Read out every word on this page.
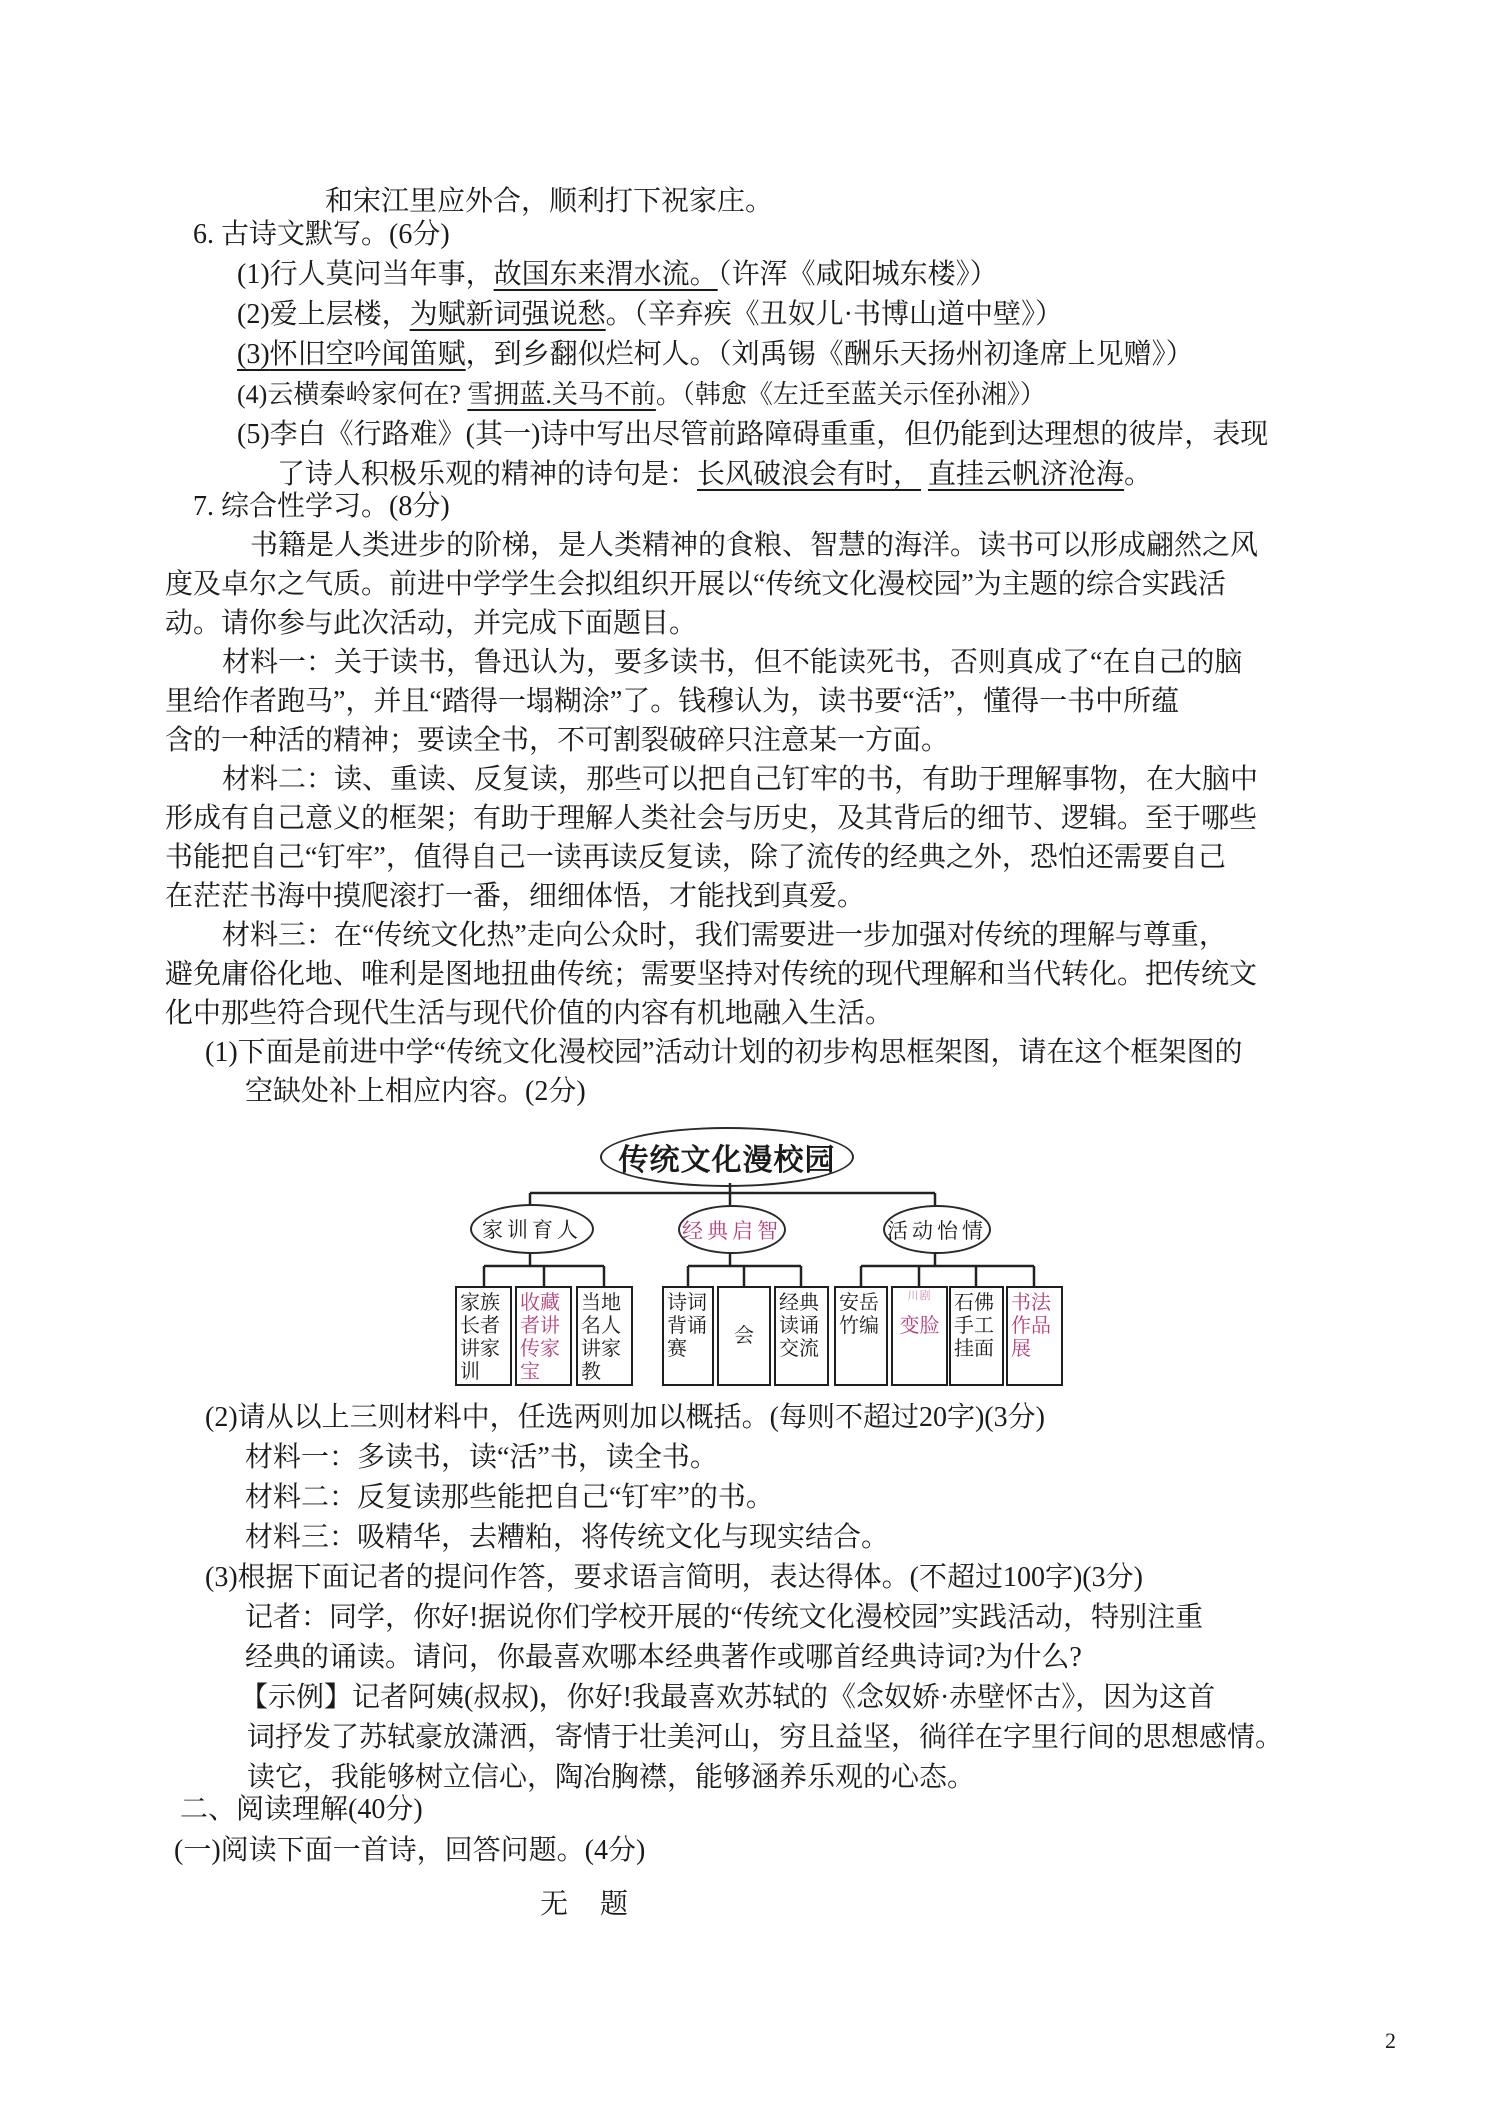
和宋江里应外合，顺利打下祝家庄。
6. 古诗文默写。(6分)
(1)行人莫问当年事，故国东来渭水流。（许浑《咸阳城东楼》）
(2)爱上层楼，为赋新词强说愁。（辛弃疾《丑奴儿·书博山道中壁》）
(3)怀旧空吟闻笛赋，到乡翻似烂柯人。（刘禹锡《酬乐天扬州初逢席上见赠》）
(4)云横秦岭家何在? 雪拥蓝.关马不前。（韩愈《左迁至蓝关示侄孙湘》）
(5)李白《行路难》(其一)诗中写出尽管前路障碍重重，但仍能到达理想的彼岸，表现
了诗人积极乐观的精神的诗句是：长风破浪会有时， 直挂云帆济沧海。
7. 综合性学习。(8分)
书籍是人类进步的阶梯，是人类精神的食粮、智慧的海洋。读书可以形成翩然之风
度及卓尔之气质。前进中学学生会拟组织开展以“传统文化漫校园”为主题的综合实践活
动。请你参与此次活动，并完成下面题目。
材料一：关于读书，鲁迅认为，要多读书，但不能读死书，否则真成了“在自己的脑
里给作者跑马”，并且“踏得一塌糊涂”了。钱穆认为，读书要“活”，懂得一书中所蕴
含的一种活的精神；要读全书，不可割裂破碎只注意某一方面。
材料二：读、重读、反复读，那些可以把自己钉牢的书，有助于理解事物，在大脑中
形成有自己意义的框架；有助于理解人类社会与历史，及其背后的细节、逻辑。至于哪些
书能把自己“钉牢”，值得自己一读再读反复读，除了流传的经典之外，恐怕还需要自己
在茫茫书海中摸爬滚打一番，细细体悟，才能找到真爱。
材料三：在“传统文化热”走向公众时，我们需要进一步加强对传统的理解与尊重，
避免庸俗化地、唯利是图地扭曲传统；需要坚持对传统的现代理解和当代转化。把传统文
化中那些符合现代生活与现代价值的内容有机地融入生活。
(1)下面是前进中学“传统文化漫校园”活动计划的初步构思框架图，请在这个框架图的
空缺处补上相应内容。(2分)
传统文化漫校园
家训育人	经典启智	活动怡情
家族长者讲家训
收藏者讲传家宝
当地名人讲家教
诗词背诵赛
会
经典读诵交流
安岳竹编
川剧
变脸
石佛手工挂面
书法作品展
(2)请从以上三则材料中，任选两则加以概括。(每则不超过20字)(3分)
材料一：多读书，读“活”书，读全书。
材料二：反复读那些能把自己“钉牢”的书。
材料三：吸精华，去糟粕，将传统文化与现实结合。
(3)根据下面记者的提问作答，要求语言简明，表达得体。(不超过100字)(3分)
记者：同学，你好!据说你们学校开展的“传统文化漫校园”实践活动，特别注重
经典的诵读。请问，你最喜欢哪本经典著作或哪首经典诗词?为什么?
【示例】记者阿姨(叔叔)，你好!我最喜欢苏轼的《念奴娇·赤壁怀古》，因为这首
词抒发了苏轼豪放潇洒，寄情于壮美河山，穷且益坚，徜徉在字里行间的思想感情。
读它，我能够树立信心，陶冶胸襟，能够涵养乐观的心态。
二、阅读理解(40分)
(一)阅读下面一首诗，回答问题。(4分)
无　题
2
